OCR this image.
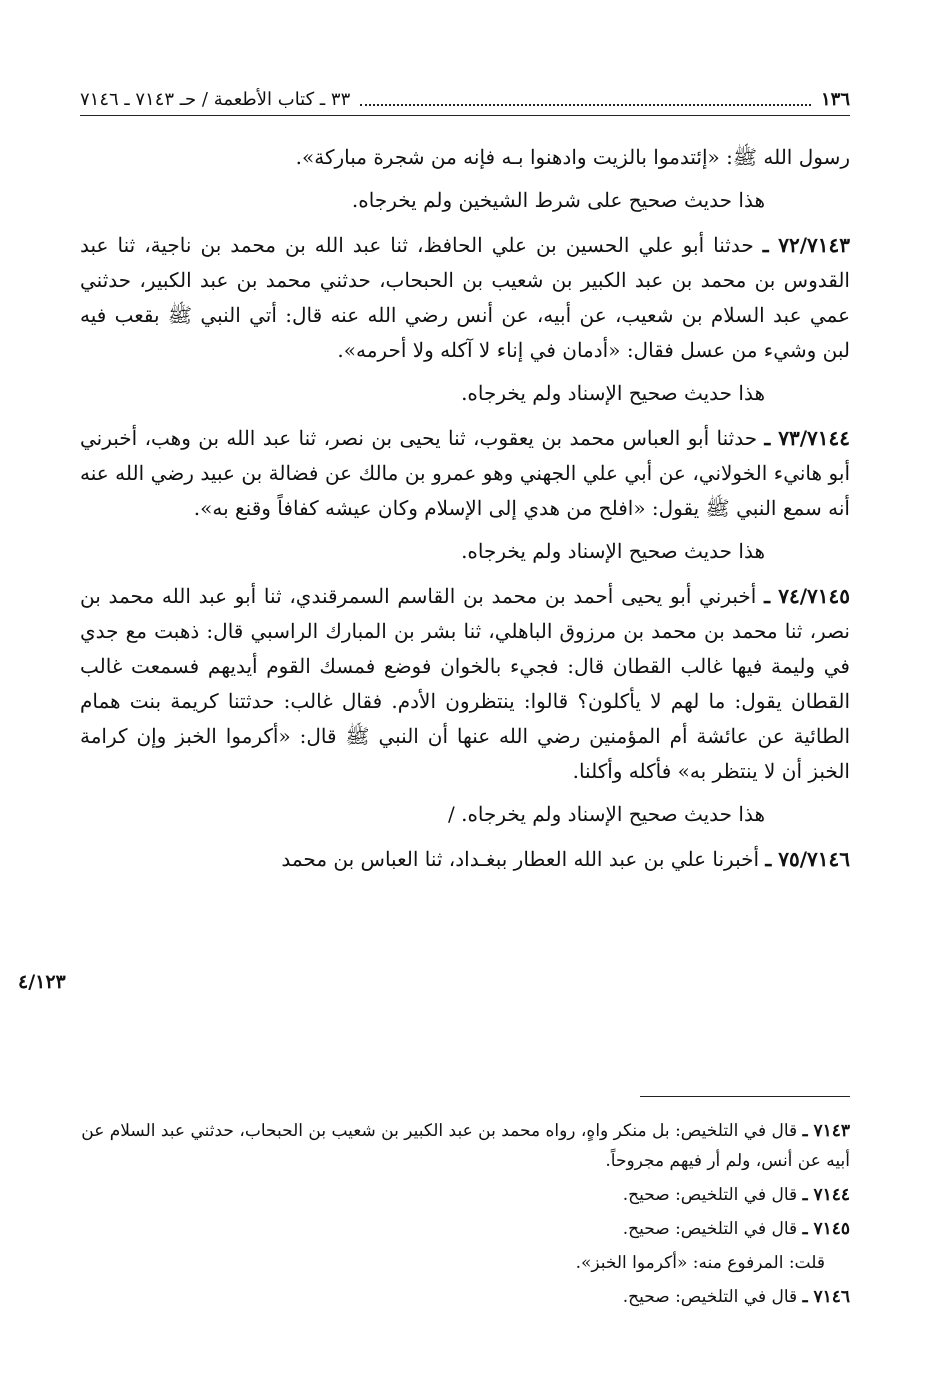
١٣٦
٣٣ ـ كتاب الأطعمة / حـ ٧١٤٣ ـ ٧١٤٦

رسول الله ﷺ: «إئتدموا بالزيت وادهنوا بـه فإنه من شجرة مباركة».

هذا حديث صحيح على شرط الشيخين ولم يخرجاه.

٧٢/٧١٤٣ ـ حدثنا أبو علي الحسين بن علي الحافظ، ثنا عبد الله بن محمد بن ناجية، ثنا عبد القدوس بن محمد بن عبد الكبير بن شعيب بن الحبحاب، حدثني محمد بن عبد الكبير، حدثني عمي عبد السلام بن شعيب، عن أبيه، عن أنس رضي الله عنه قال: أتي النبي ﷺ بقعب فيه لبن وشيء من عسل فقال: «أدمان في إناء لا آكله ولا أحرمه».

هذا حديث صحيح الإسناد ولم يخرجاه.

٧٣/٧١٤٤ ـ حدثنا أبو العباس محمد بن يعقوب، ثنا يحيى بن نصر، ثنا عبد الله بن وهب، أخبرني أبو هانيء الخولاني، عن أبي علي الجهني وهو عمرو بن مالك عن فضالة بن عبيد رضي الله عنه أنه سمع النبي ﷺ يقول: «افلح من هدي إلى الإسلام وكان عيشه كفافاً وقنع به».

هذا حديث صحيح الإسناد ولم يخرجاه.

٧٤/٧١٤٥ ـ أخبرني أبو يحيى أحمد بن محمد بن القاسم السمرقندي، ثنا أبو عبد الله محمد بن نصر، ثنا محمد بن محمد بن مرزوق الباهلي، ثنا بشر بن المبارك الراسبي قال: ذهبت مع جدي في وليمة فيها غالب القطان قال: فجيء بالخوان فوضع فمسك القوم أيديهم فسمعت غالب القطان يقول: ما لهم لا يأكلون؟ قالوا: ينتظرون الأدم. فقال غالب: حدثتنا كريمة بنت همام الطائية عن عائشة أم المؤمنين رضي الله عنها أن النبي ﷺ قال: «أكرموا الخبز وإن كرامة الخبز أن لا ينتظر به» فأكله وأكلنا.

هذا حديث صحيح الإسناد ولم يخرجاه. /

٧٥/٧١٤٦ ـ أخبرنا علي بن عبد الله العطار ببغـداد، ثنا العباس بن محمد

٤/١٢٣

٧١٤٣ ـ قال في التلخيص: بل منكر واهٍ، رواه محمد بن عبد الكبير بن شعيب بن الحبحاب، حدثني عبد السلام عن أبيه عن أنس، ولم أر فيهم مجروحاً.

٧١٤٤ ـ قال في التلخيص: صحيح.

٧١٤٥ ـ قال في التلخيص: صحيح.

قلت: المرفوع منه: «أكرموا الخبز».

٧١٤٦ ـ قال في التلخيص: صحيح.
